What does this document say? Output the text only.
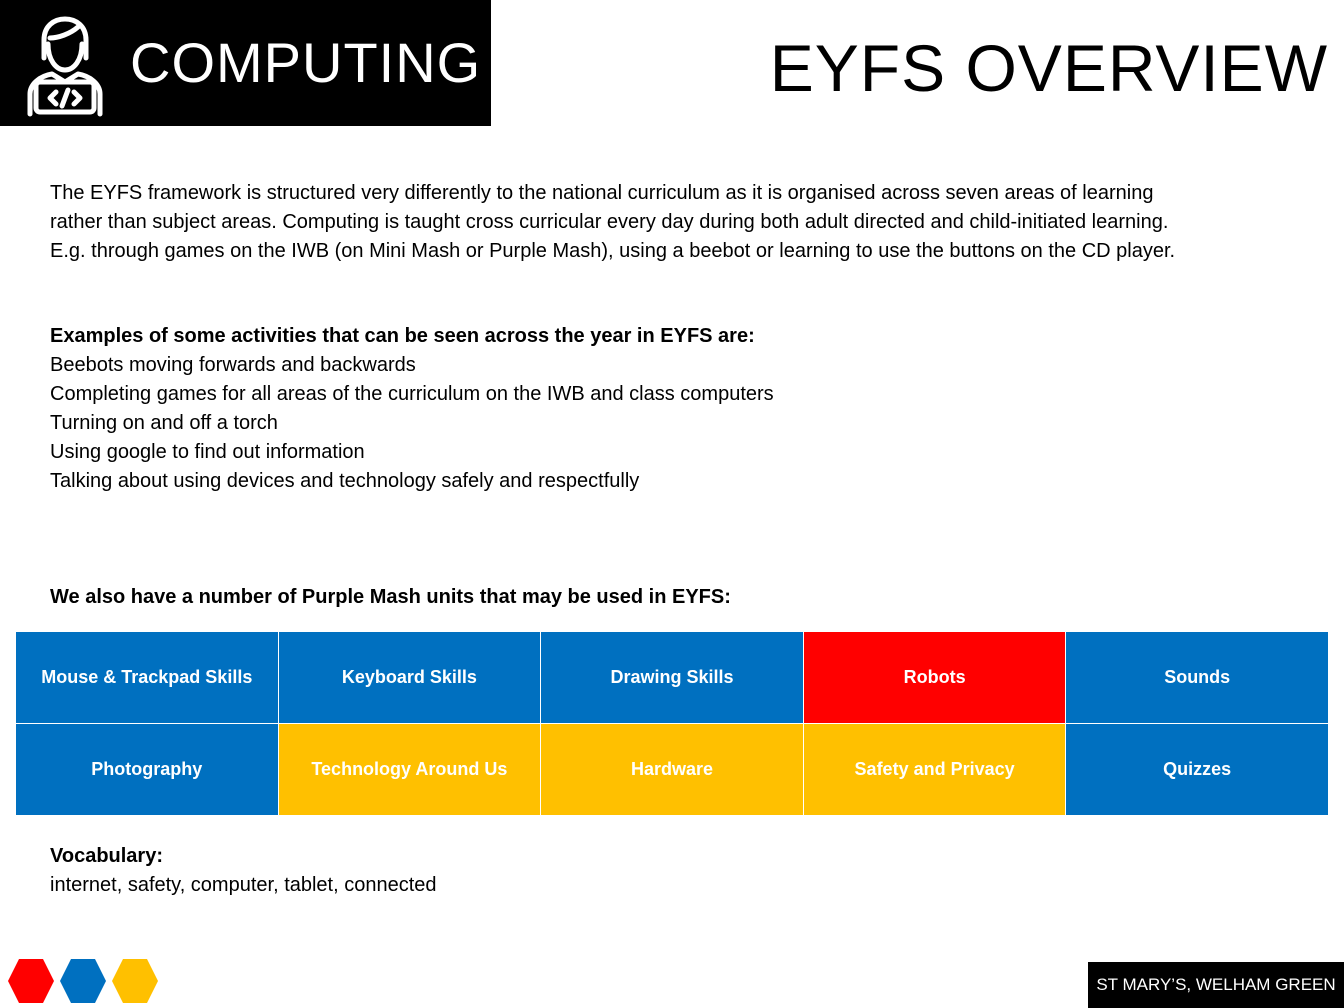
COMPUTING	EYFS OVERVIEW

The EYFS framework is structured very differently to the national curriculum as it is organised across seven areas of learning
rather than subject areas. Computing is taught cross curricular every day during both adult directed and child-initiated learning.
E.g. through games on the IWB (on Mini Mash or Purple Mash), using a beebot or learning to use the buttons on the CD player.

Examples of some activities that can be seen across the year in EYFS are:
Beebots moving forwards and backwards
Completing games for all areas of the curriculum on the IWB and class computers
Turning on and off a torch
Using google to find out information
Talking about using devices and technology safely and respectfully
We also have a number of Purple Mash units that may be used in EYFS:
Mouse & Trackpad Skills	Keyboard Skills	Drawing Skills	Robots	Sounds
Photography	Technology Around Us	Hardware	Safety and Privacy	Quizzes
Vocabulary:
internet, safety, computer, tablet, connected
ST MARY’S, WELHAM GREEN
